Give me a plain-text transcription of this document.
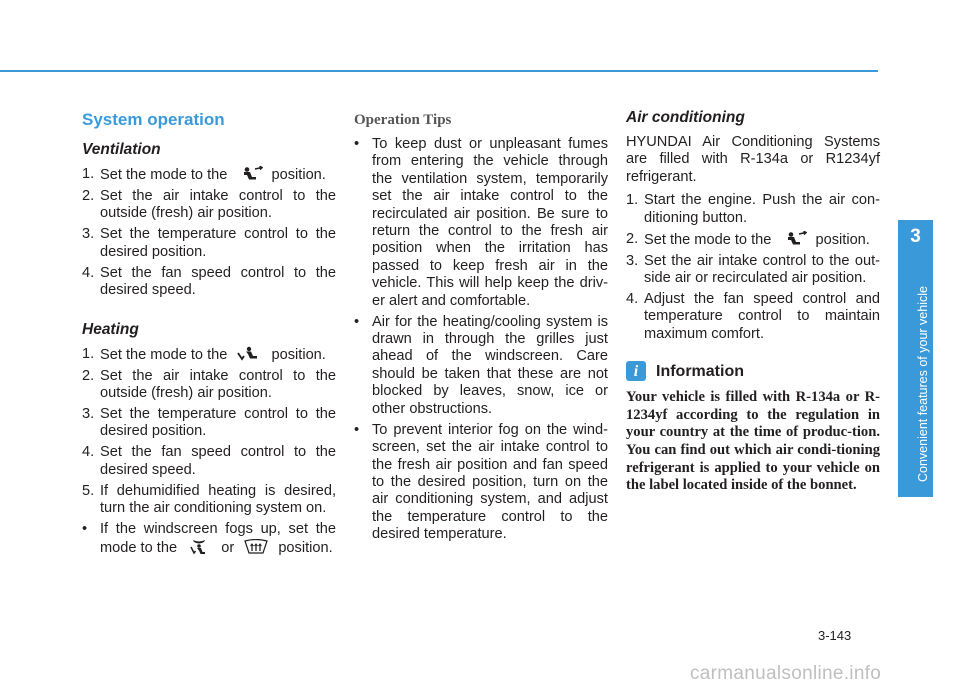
System operation
Ventilation
1. Set the mode to the	position.
2. Set the air intake control to the outside (fresh) air position.
3. Set the temperature control to the desired position.
4. Set the fan speed control to the desired speed.
Heating
1. Set the mode to the	position.
2. Set the air intake control to the outside (fresh) air position.
3. Set the temperature control to the desired position.
4. Set the fan speed control to the desired speed.
5. If dehumidified heating is desired, turn the air conditioning system on.
• If the windscreen fogs up, set the mode to the	or	position.
Operation Tips
• To keep dust or unpleasant fumes from entering the vehicle through the ventilation system, temporarily set the air intake control to the recirculated air position. Be sure to return the control to the fresh air position when the irritation has passed to keep fresh air in the vehicle. This will help keep the driv-er alert and comfortable.
• Air for the heating/cooling system is drawn in through the grilles just ahead of the windscreen. Care should be taken that these are not blocked by leaves, snow, ice or other obstructions.
• To prevent interior fog on the wind-screen, set the air intake control to the fresh air position and fan speed to the desired position, turn on the air conditioning system, and adjust the temperature control to the desired temperature.
Air conditioning

HYUNDAI Air Conditioning Systems are filled with R-134a or R1234yf refrigerant.

1. Start the engine. Push the air con-ditioning button.
2. Set the mode to the	position.
3. Set the air intake control to the out-side air or recirculated air position.
4. Adjust the fan speed control and temperature control to maintain maximum comfort.
i	Information

Your vehicle is filled with R-134a or R-1234yf according to the regulation in your country at the time of produc-tion. You can find out which air condi-tioning refrigerant is applied to your vehicle on the label located inside of the bonnet.

3
Convenient features of your vehicle
3-143
carmanualsonline.info
